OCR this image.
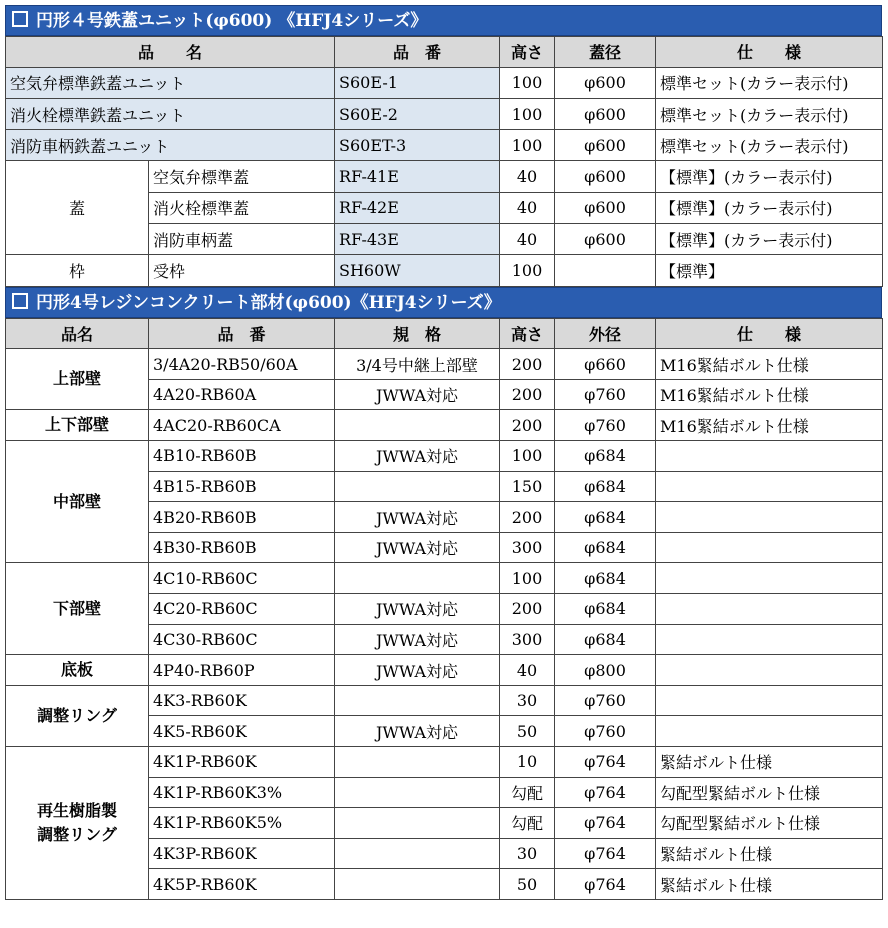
円形４号鉄蓋ユニット(φ600) 《HFJ4シリーズ》
品　　名		品　番	高さ	蓋径	仕　　様
空気弁標準鉄蓋ユニット		S60E-1	100	φ600	標準セット(カラー表示付)
消火栓標準鉄蓋ユニット		S60E-2	100	φ600	標準セット(カラー表示付)
消防車柄鉄蓋ユニット		S60ET-3	100	φ600	標準セット(カラー表示付)
蓋	空気弁標準蓋	RF-41E	40	φ600	【標準】(カラー表示付)
	消火栓標準蓋	RF-42E	40	φ600	【標準】(カラー表示付)
	消防車柄蓋	RF-43E	40	φ600	【標準】(カラー表示付)
枠	受枠	SH60W	100		【標準】
円形4号レジンコンクリート部材(φ600)《HFJ4シリーズ》
品名	品　番	規　格	高さ	外径	仕　　様
上部壁	3/4A20-RB50/60A	3/4号中継上部壁	200	φ660	M16緊結ボルト仕様
	4A20-RB60A	JWWA対応	200	φ760	M16緊結ボルト仕様
上下部壁	4AC20-RB60CA		200	φ760	M16緊結ボルト仕様
中部壁	4B10-RB60B	JWWA対応	100	φ684	
	4B15-RB60B		150	φ684	
	4B20-RB60B	JWWA対応	200	φ684	
	4B30-RB60B	JWWA対応	300	φ684	
下部壁	4C10-RB60C		100	φ684	
	4C20-RB60C	JWWA対応	200	φ684	
	4C30-RB60C	JWWA対応	300	φ684	
底板	4P40-RB60P	JWWA対応	40	φ800	
調整リング	4K3-RB60K		30	φ760	
	4K5-RB60K	JWWA対応	50	φ760	
再生樹脂製
調整リング	4K1P-RB60K		10	φ764	緊結ボルト仕様
	4K1P-RB60K3%		勾配	φ764	勾配型緊結ボルト仕様
	4K1P-RB60K5%		勾配	φ764	勾配型緊結ボルト仕様
	4K3P-RB60K		30	φ764	緊結ボルト仕様
	4K5P-RB60K		50	φ764	緊結ボルト仕様
